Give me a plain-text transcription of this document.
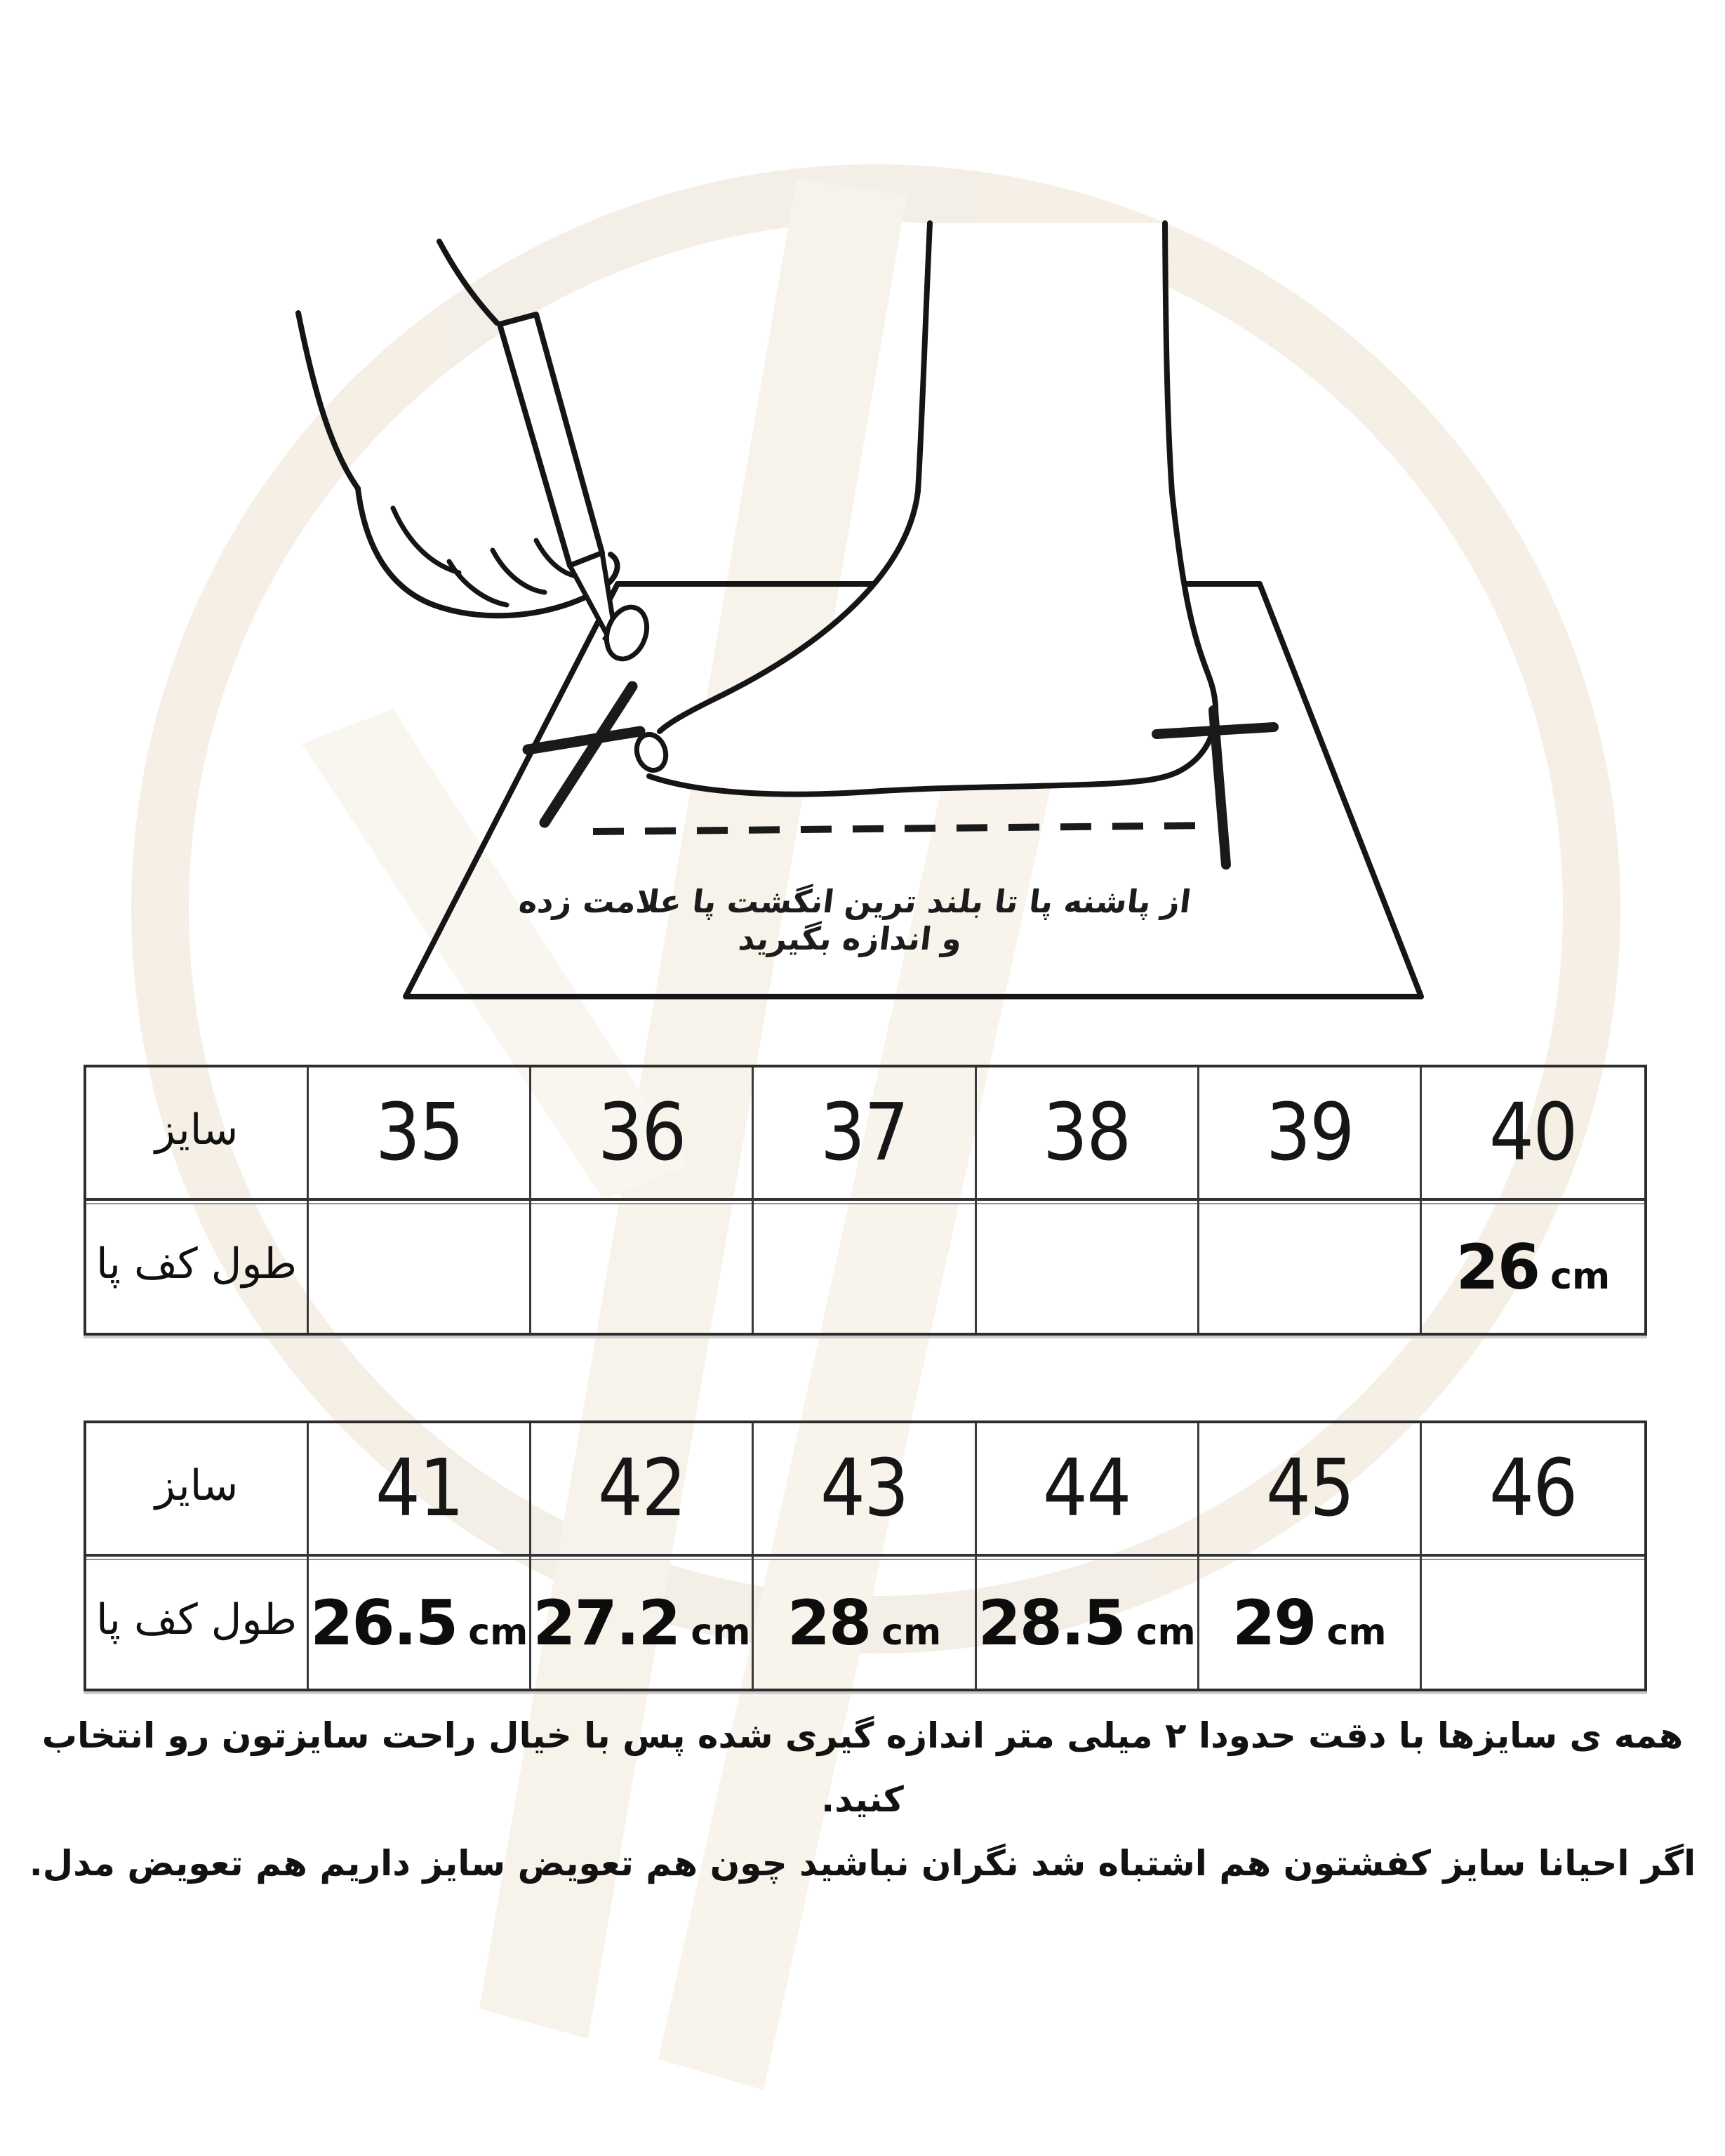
از پاشنه پا تا بلند ترین انگشت پا علامت زده و اندازه بگیرید
سایز 35 36 37 38 39 40
طول کف پا	26 cm
سایز 41 42 43 44 45 46
طول کف پا 26.5 cm 27.2 cm 28 cm 28.5 cm 29 cm
همه ی سایزها با دقت حدودا ۲ میلی متر اندازه گیری شده پس با خیال راحت سایزتون رو انتخاب کنید.
اگر احیانا سایز کفشتون هم اشتباه شد نگران نباشید چون هم تعویض سایز داریم هم تعویض مدل.
